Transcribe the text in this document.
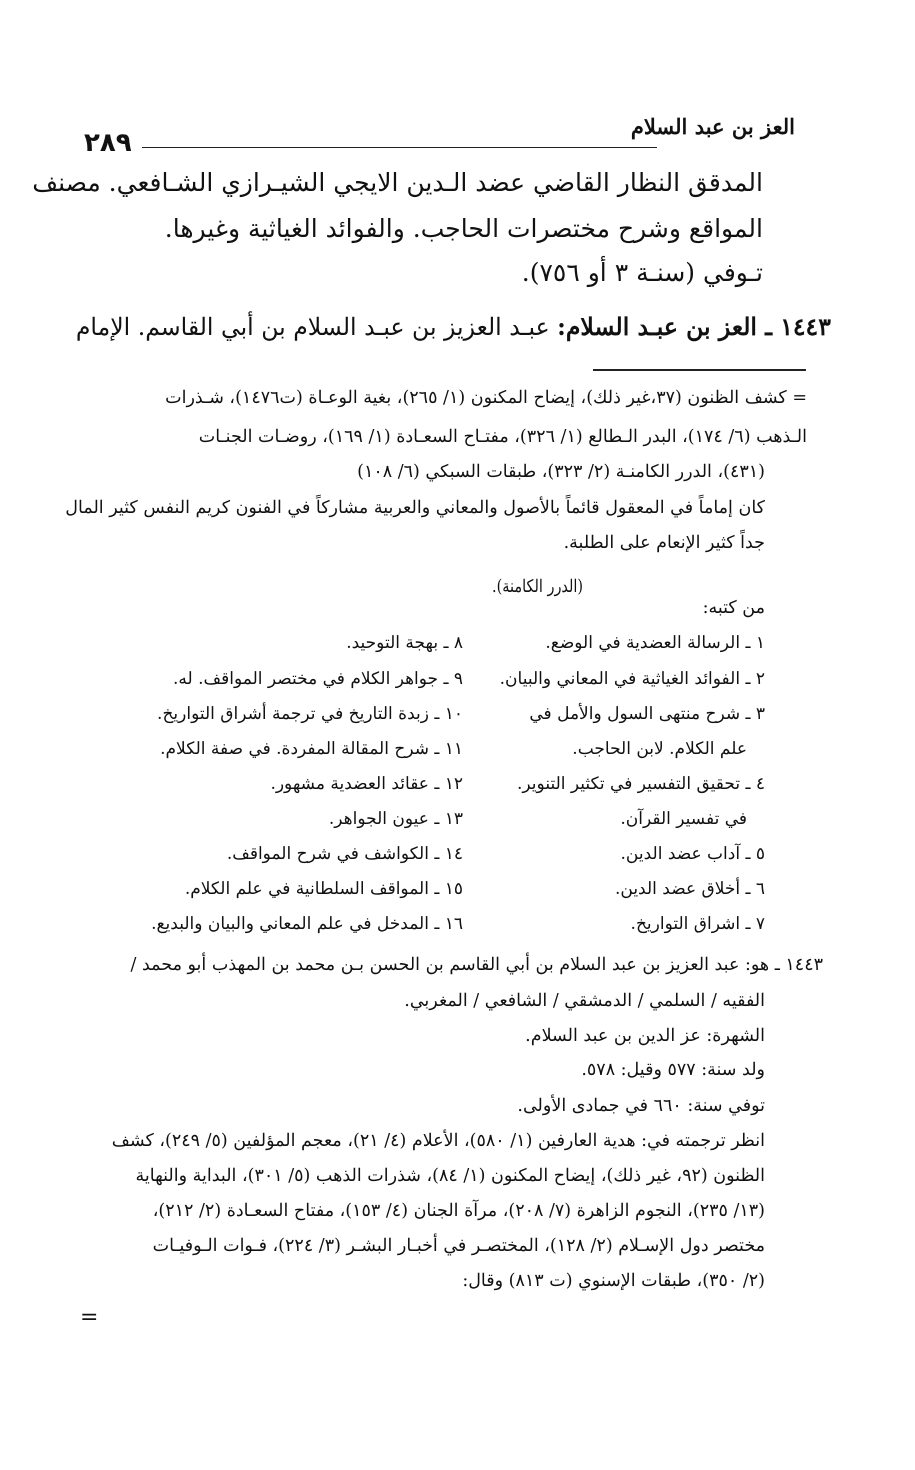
العز بن عبد السلام
٢٨٩
المدقق النظار القاضي عضد الـدين الايجي الشيـرازي الشـافعي. مصنف
المواقع وشرح مختصرات الحاجب. والفوائد الغياثية وغيرها.
تـوفي (سنـة ٣ أو ٧٥٦).
١٤٤٣ ـ العز بن عبـد السلام: عبـد العزيز بن عبـد السلام بن أبي القاسم. الإمام
= كشف الظنون (٣٧،غير ذلك)، إيضاح المكنون (١/ ٢٦٥)، بغية الوعـاة (ت١٤٧٦)، شـذرات
الـذهب (٦/ ١٧٤)، البدر الـطالع (١/ ٣٢٦)، مفتـاح السعـادة (١/ ١٦٩)، روضـات الجنـات
(٤٣١)، الدرر الكامنـة (٢/ ٣٢٣)، طبقات السبكي (٦/ ١٠٨)
كان إماماً في المعقول قائماً بالأصول والمعاني والعربية مشاركاً في الفنون كريم النفس كثير المال
جداً كثير الإنعام على الطلبة.
(الدرر الكامنة).
من كتبه:
١ ـ الرسالة العضدية في الوضع.
٢ ـ الفوائد الغياثية في المعاني والبيان.
٣ ـ شرح منتهى السول والأمل في
علم الكلام. لابن الحاجب.
٤ ـ تحقيق التفسير في تكثير التنوير.
في تفسير القرآن.
٥ ـ آداب عضد الدين.
٦ ـ أخلاق عضد الدين.
٧ ـ اشراق التواريخ.
٨ ـ بهجة التوحيد.
٩ ـ جواهر الكلام في مختصر المواقف. له.
١٠ ـ زبدة التاريخ في ترجمة أشراق التواريخ.
١١ ـ شرح المقالة المفردة. في صفة الكلام.
١٢ ـ عقائد العضدية مشهور.
١٣ ـ عيون الجواهر.
١٤ ـ الكواشف في شرح المواقف.
١٥ ـ المواقف السلطانية في علم الكلام.
١٦ ـ المدخل في علم المعاني والبيان والبديع.
١٤٤٣ ـ هو: عبد العزيز بن عبد السلام بن أبي القاسم بن الحسن بـن محمد بن المهذب أبو محمد /
الفقيه / السلمي / الدمشقي / الشافعي / المغربي.
الشهرة: عز الدين بن عبد السلام.
ولد سنة: ٥٧٧ وقيل: ٥٧٨.
توفي سنة: ٦٦٠ في جمادى الأولى.
انظر ترجمته في: هدية العارفين (١/ ٥٨٠)، الأعلام (٤/ ٢١)، معجم المؤلفين (٥/ ٢٤٩)، كشف
الظنون (٩٢، غير ذلك)، إيضاح المكنون (١/ ٨٤)، شذرات الذهب (٥/ ٣٠١)، البداية والنهاية
(١٣/ ٢٣٥)، النجوم الزاهرة (٧/ ٢٠٨)، مرآة الجنان (٤/ ١٥٣)، مفتاح السعـادة (٢/ ٢١٢)،
مختصر دول الإسـلام (٢/ ١٢٨)، المختصـر في أخبـار البشـر (٣/ ٢٢٤)، فـوات الـوفيـات
(٢/ ٣٥٠)، طبقات الإسنوي (ت ٨١٣) وقال:
=
